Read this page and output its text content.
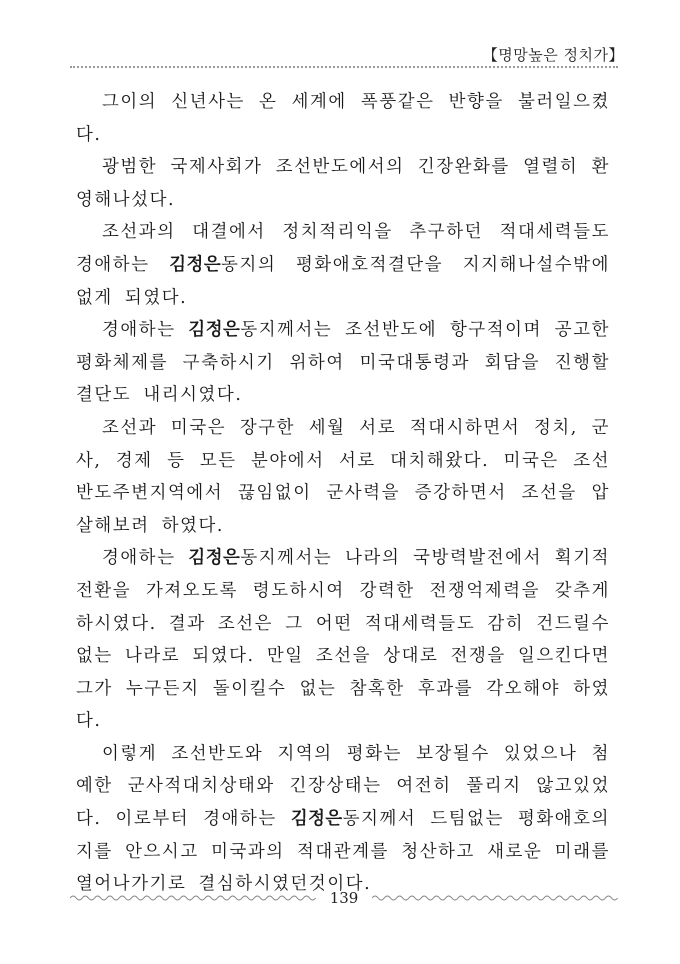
【명망높은 정치가】

그이의 신년사는 온 세계에 폭풍같은 반향을 불러일으켰다.

광범한 국제사회가 조선반도에서의 긴장완화를 열렬히 환영해나섰다.

조선과의 대결에서 정치적리익을 추구하던 적대세력들도 경애하는 김정은동지의 평화애호적결단을 지지해나설수밖에 없게 되였다.

경애하는 김정은동지께서는 조선반도에 항구적이며 공고한 평화체제를 구축하시기 위하여 미국대통령과 회담을 진행할 결단도 내리시였다.

조선과 미국은 장구한 세월 서로 적대시하면서 정치, 군사, 경제 등 모든 분야에서 서로 대치해왔다. 미국은 조선반도주변지역에서 끊임없이 군사력을 증강하면서 조선을 압살해보려 하였다.

경애하는 김정은동지께서는 나라의 국방력발전에서 획기적전환을 가져오도록 령도하시여 강력한 전쟁억제력을 갖추게 하시였다. 결과 조선은 그 어떤 적대세력들도 감히 건드릴수 없는 나라로 되였다. 만일 조선을 상대로 전쟁을 일으킨다면 그가 누구든지 돌이킬수 없는 참혹한 후과를 각오해야 하였다.

이렇게 조선반도와 지역의 평화는 보장될수 있었으나 첨예한 군사적대치상태와 긴장상태는 여전히 풀리지 않고있었다. 이로부터 경애하는 김정은동지께서 드팀없는 평화애호의지를 안으시고 미국과의 적대관계를 청산하고 새로운 미래를 열어나가기로 결심하시였던것이다.

139
